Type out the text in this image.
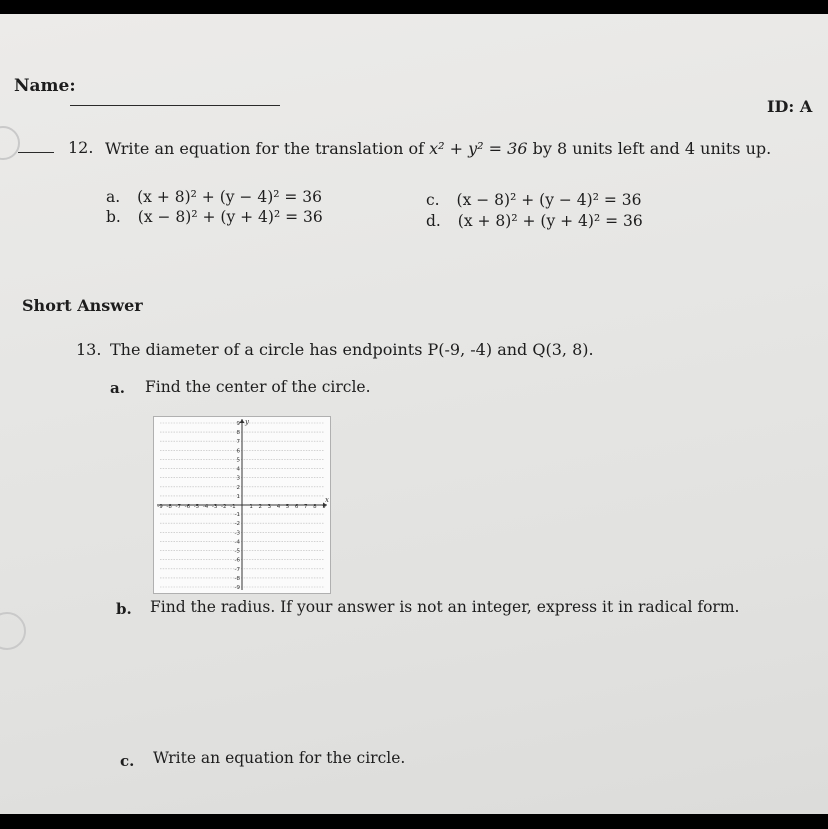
Name:
ID: A
12. Write an equation for the translation of x² + y² = 36 by 8 units left and 4 units up.
a. (x + 8)² + (y − 4)² = 36
b. (x − 8)² + (y + 4)² = 36
c. (x − 8)² + (y − 4)² = 36
d. (x + 8)² + (y + 4)² = 36
Short Answer
13. The diameter of a circle has endpoints P(-9, -4) and Q(3, 8).
a. Find the center of the circle.
-9 -8 -7 -6 -5 -4 -3 -2 -1 1 2 3 4 5 6 7 8 9
9
8
7
6
5
4
3
2
1
-1
-2
-3
-4
-5
-6
-7
-8
-9
x
y
b. Find the radius. If your answer is not an integer, express it in radical form.
c. Write an equation for the circle.
